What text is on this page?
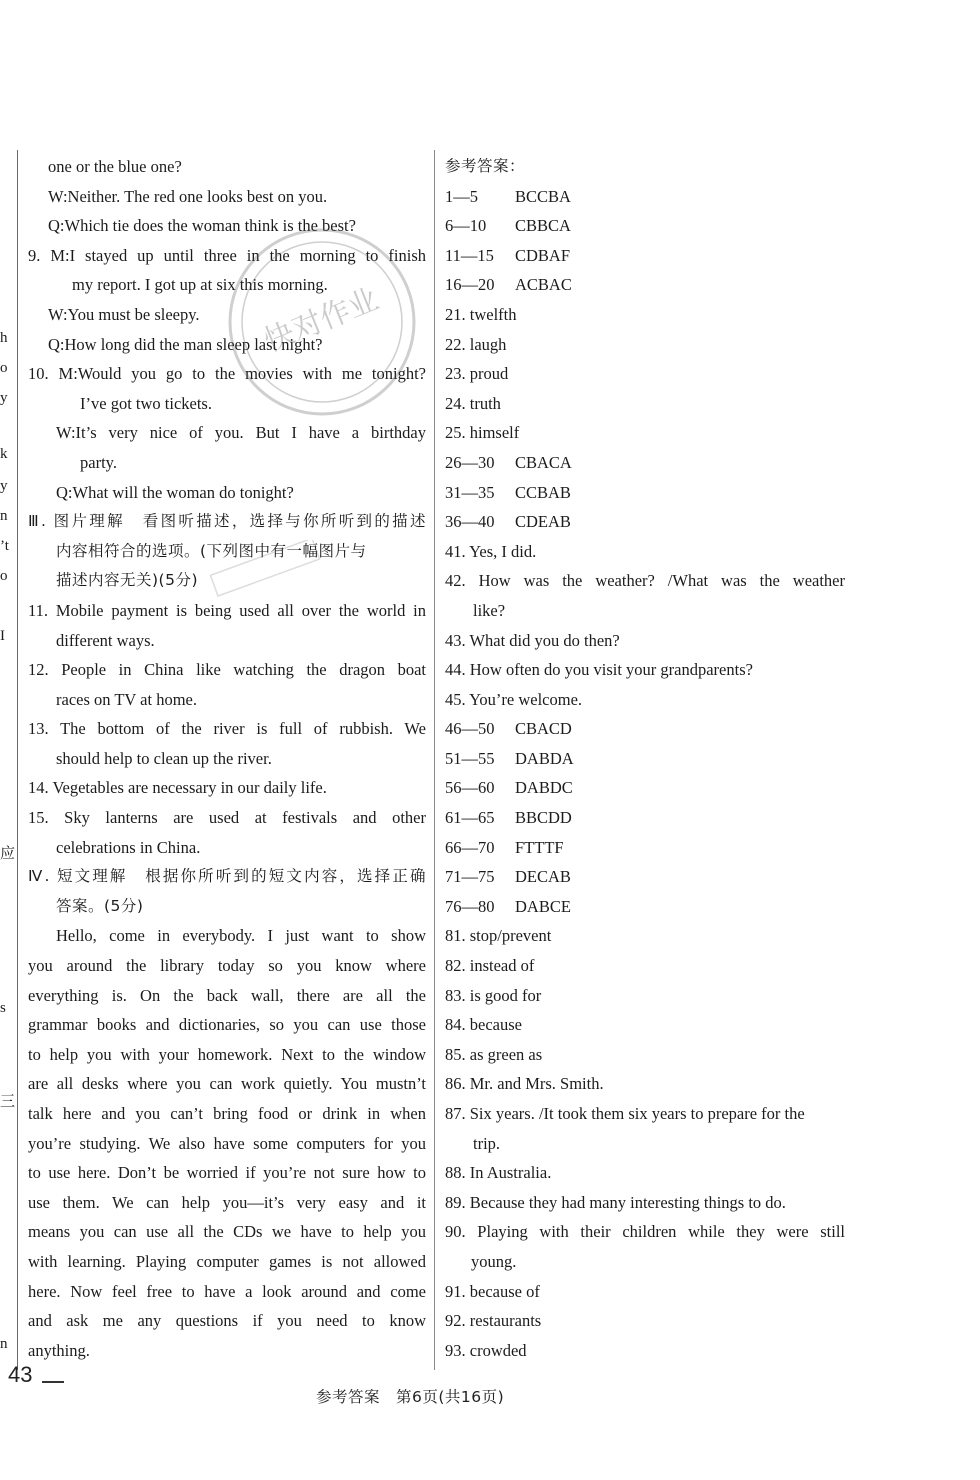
h
o
y
k
y
n
’t
o
I
应
s
三
n
one or the blue one?
W:Neither. The red one looks best on you.
Q:Which tie does the woman think is the best?
9. M:I stayed up until three in the morning to finish
my report. I got up at six this morning.
W:You must be sleepy.
Q:How long did the man sleep last night?
10. M:Would you go to the movies with me tonight?
I’ve got two tickets.
W:It’s very nice of you. But I have a birthday
party.
Q:What will the woman do tonight?
Ⅲ. 图片理解　看图听描述，选择与你所听到的描述
内容相符合的选项。(下列图中有一幅图片与
描述内容无关)(5分)
11. Mobile payment is being used all over the world in
different ways.
12. People in China like watching the dragon boat
races on TV at home.
13. The bottom of the river is full of rubbish. We
should help to clean up the river.
14. Vegetables are necessary in our daily life.
15. Sky lanterns are used at festivals and other
celebrations in China.
Ⅳ. 短文理解　根据你所听到的短文内容，选择正确
答案。(5分)
Hello, come in everybody. I just want to show
you around the library today so you know where
everything is. On the back wall, there are all the
grammar books and dictionaries, so you can use those
to help you with your homework. Next to the window
are all desks where you can work quietly. You mustn’t
talk here and you can’t bring food or drink in when
you’re studying. We also have some computers for you
to use here. Don’t be worried if you’re not sure how to
use them. We can help you—it’s very easy and it
means you can use all the CDs we have to help you
with learning. Playing computer games is not allowed
here. Now feel free to have a look around and come
and ask me any questions if you need to know
anything.
参考答案：
1—5 BCCBA
6—10 CBBCA
11—15 CDBAF
16—20 ACBAC
21. twelfth
22. laugh
23. proud
24. truth
25. himself
26—30 CBACA
31—35 CCBAB
36—40 CDEAB
41. Yes, I did.
42. How was the weather? /What was the weather
like?
43. What did you do then?
44. How often do you visit your grandparents?
45. You’re welcome.
46—50 CBACD
51—55 DABDA
56—60 DABDC
61—65 BBCDD
66—70 FTTTF
71—75 DECAB
76—80 DABCE
81. stop/prevent
82. instead of
83. is good for
84. because
85. as green as
86. Mr. and Mrs. Smith.
87. Six years. /It took them six years to prepare for the
trip.
88. In Australia.
89. Because they had many interesting things to do.
90. Playing with their children while they were still
young.
91. because of
92. restaurants
93. crowded
快对作业
43
参考答案　第6页(共16页)
